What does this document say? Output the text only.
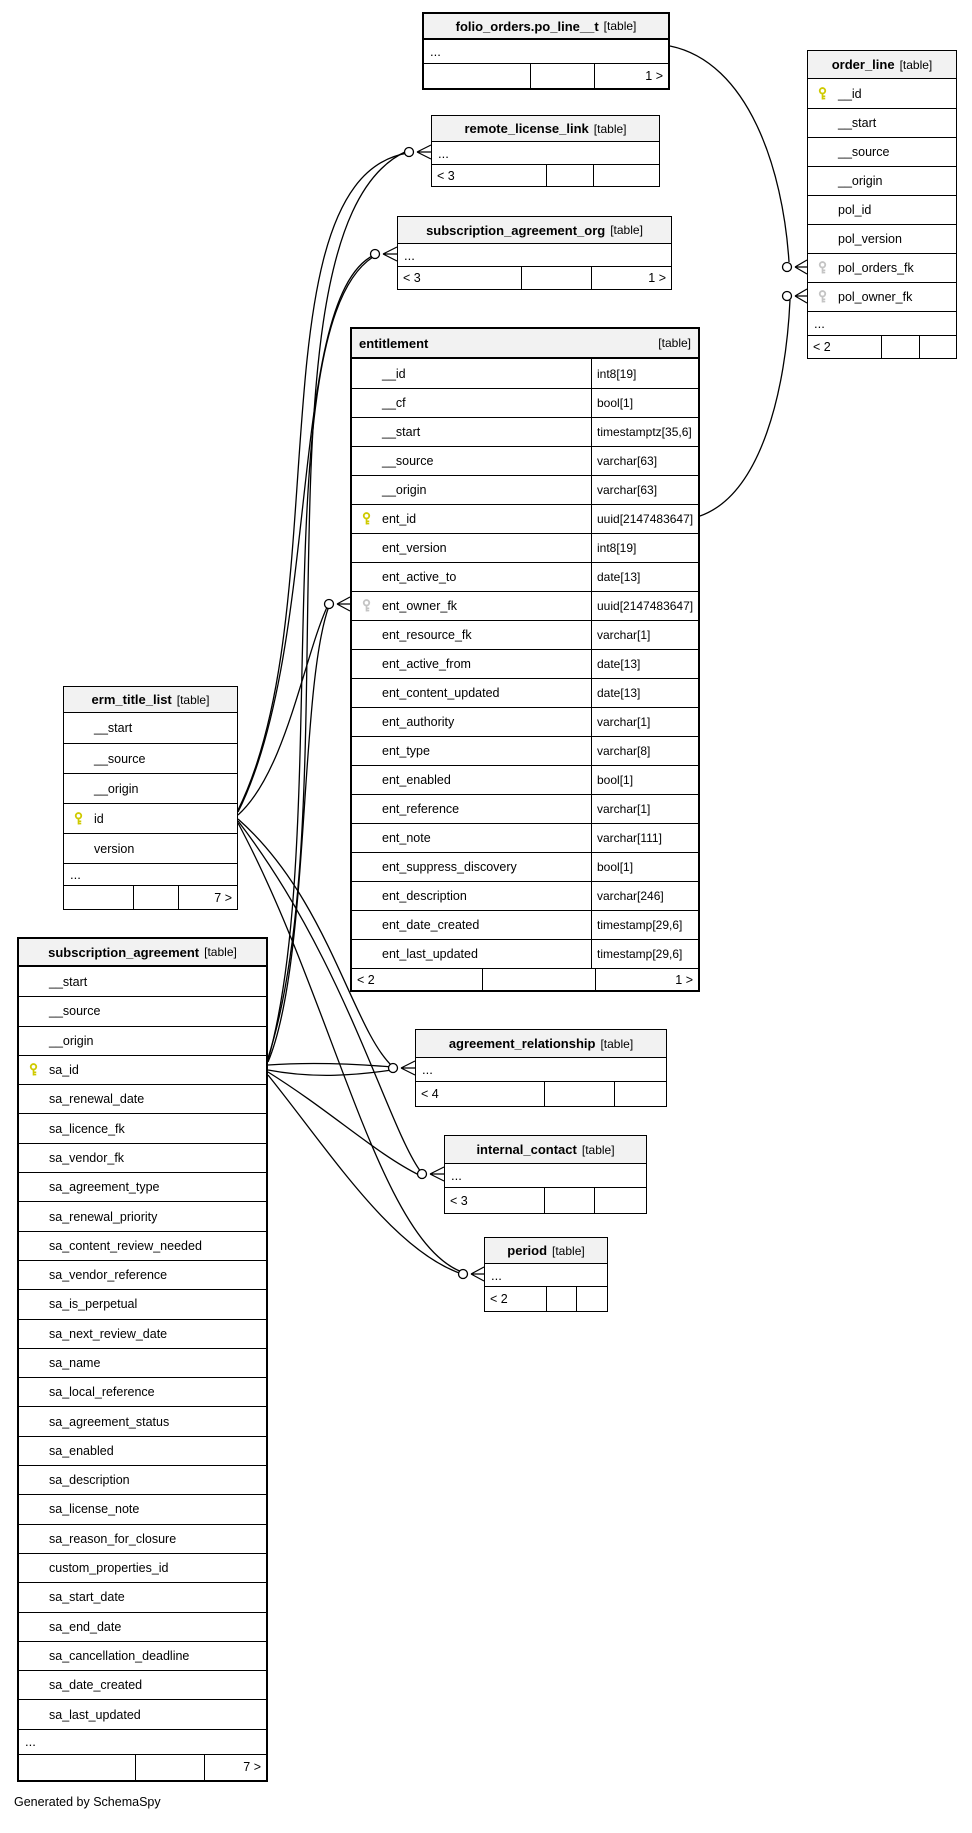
Generated by SchemaSpy
folio_orders.po_line__t [table]
...
1 >
order_line [table]
__id
__start
__source
__origin
pol_id
pol_version
pol_orders_fk
pol_owner_fk
...
< 2
remote_license_link [table]
...
< 3
subscription_agreement_org [table]
...
< 3	1 >
entitlement	[table]
__id	int8[19]
__cf	bool[1]
__start	timestamptz[35,6]
__source	varchar[63]
__origin	varchar[63]
ent_id	uuid[2147483647]
ent_version	int8[19]
ent_active_to	date[13]
ent_owner_fk	uuid[2147483647]
ent_resource_fk	varchar[1]
ent_active_from	date[13]
ent_content_updated	date[13]
ent_authority	varchar[1]
ent_type	varchar[8]
ent_enabled	bool[1]
ent_reference	varchar[1]
ent_note	varchar[111]
ent_suppress_discovery	bool[1]
ent_description	varchar[246]
ent_date_created	timestamp[29,6]
ent_last_updated	timestamp[29,6]
< 2	1 >
erm_title_list [table]
__start
__source
__origin
id
version
...
7 >
subscription_agreement [table]
__start
__source
__origin
sa_id
sa_renewal_date
sa_licence_fk
sa_vendor_fk
sa_agreement_type
sa_renewal_priority
sa_content_review_needed
sa_vendor_reference
sa_is_perpetual
sa_next_review_date
sa_name
sa_local_reference
sa_agreement_status
sa_enabled
sa_description
sa_license_note
sa_reason_for_closure
custom_properties_id
sa_start_date
sa_end_date
sa_cancellation_deadline
sa_date_created
sa_last_updated
...
7 >
agreement_relationship [table]
...
< 4
internal_contact [table]
...
< 3
period [table]
...
< 2
